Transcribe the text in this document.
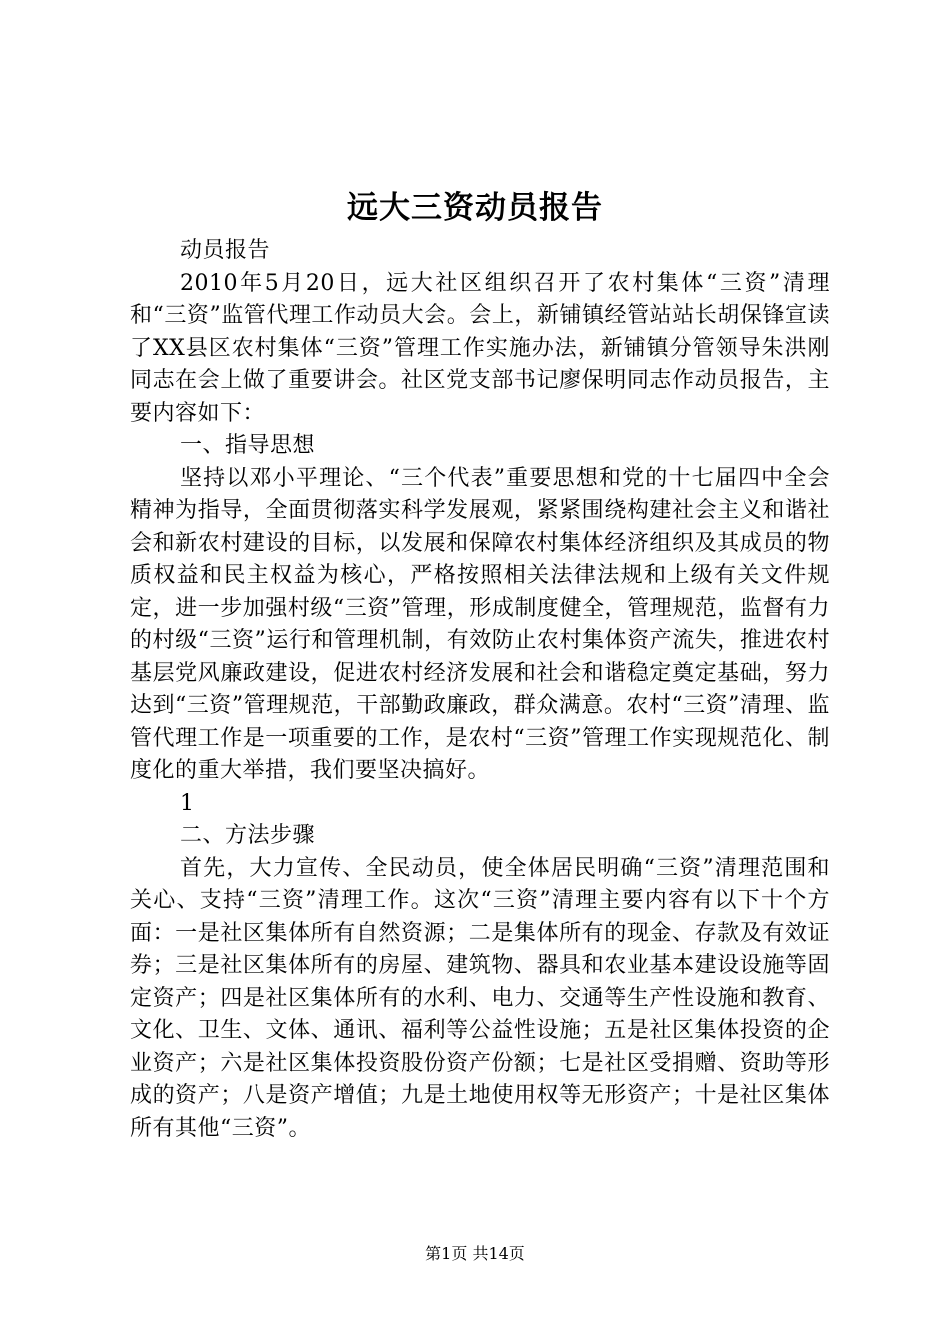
远大三资动员报告

动员报告

2010年5月20日，远大社区组织召开了农村集体“三资”清理和“三资”监管代理工作动员大会。会上，新铺镇经管站站长胡保锋宣读了XX县区农村集体“三资”管理工作实施办法，新铺镇分管领导朱洪刚同志在会上做了重要讲会。社区党支部书记廖保明同志作动员报告，主要内容如下：

一、指导思想

坚持以邓小平理论、“三个代表”重要思想和党的十七届四中全会精神为指导，全面贯彻落实科学发展观，紧紧围绕构建社会主义和谐社会和新农村建设的目标，以发展和保障农村集体经济组织及其成员的物质权益和民主权益为核心，严格按照相关法律法规和上级有关文件规定，进一步加强村级“三资”管理，形成制度健全，管理规范，监督有力的村级“三资”运行和管理机制，有效防止农村集体资产流失，推进农村基层党风廉政建设，促进农村经济发展和社会和谐稳定奠定基础，努力达到“三资”管理规范，干部勤政廉政，群众满意。农村“三资”清理、监管代理工作是一项重要的工作，是农村“三资”管理工作实现规范化、制度化的重大举措，我们要坚决搞好。

1

二、方法步骤

首先，大力宣传、全民动员，使全体居民明确“三资”清理范围和关心、支持“三资”清理工作。这次“三资”清理主要内容有以下十个方面：一是社区集体所有自然资源；二是集体所有的现金、存款及有效证券；三是社区集体所有的房屋、建筑物、器具和农业基本建设设施等固定资产；四是社区集体所有的水利、电力、交通等生产性设施和教育、文化、卫生、文体、通讯、福利等公益性设施；五是社区集体投资的企业资产；六是社区集体投资股份资产份额；七是社区受捐赠、资助等形成的资产；八是资产增值；九是土地使用权等无形资产；十是社区集体所有其他“三资”。

第1页 共14页
